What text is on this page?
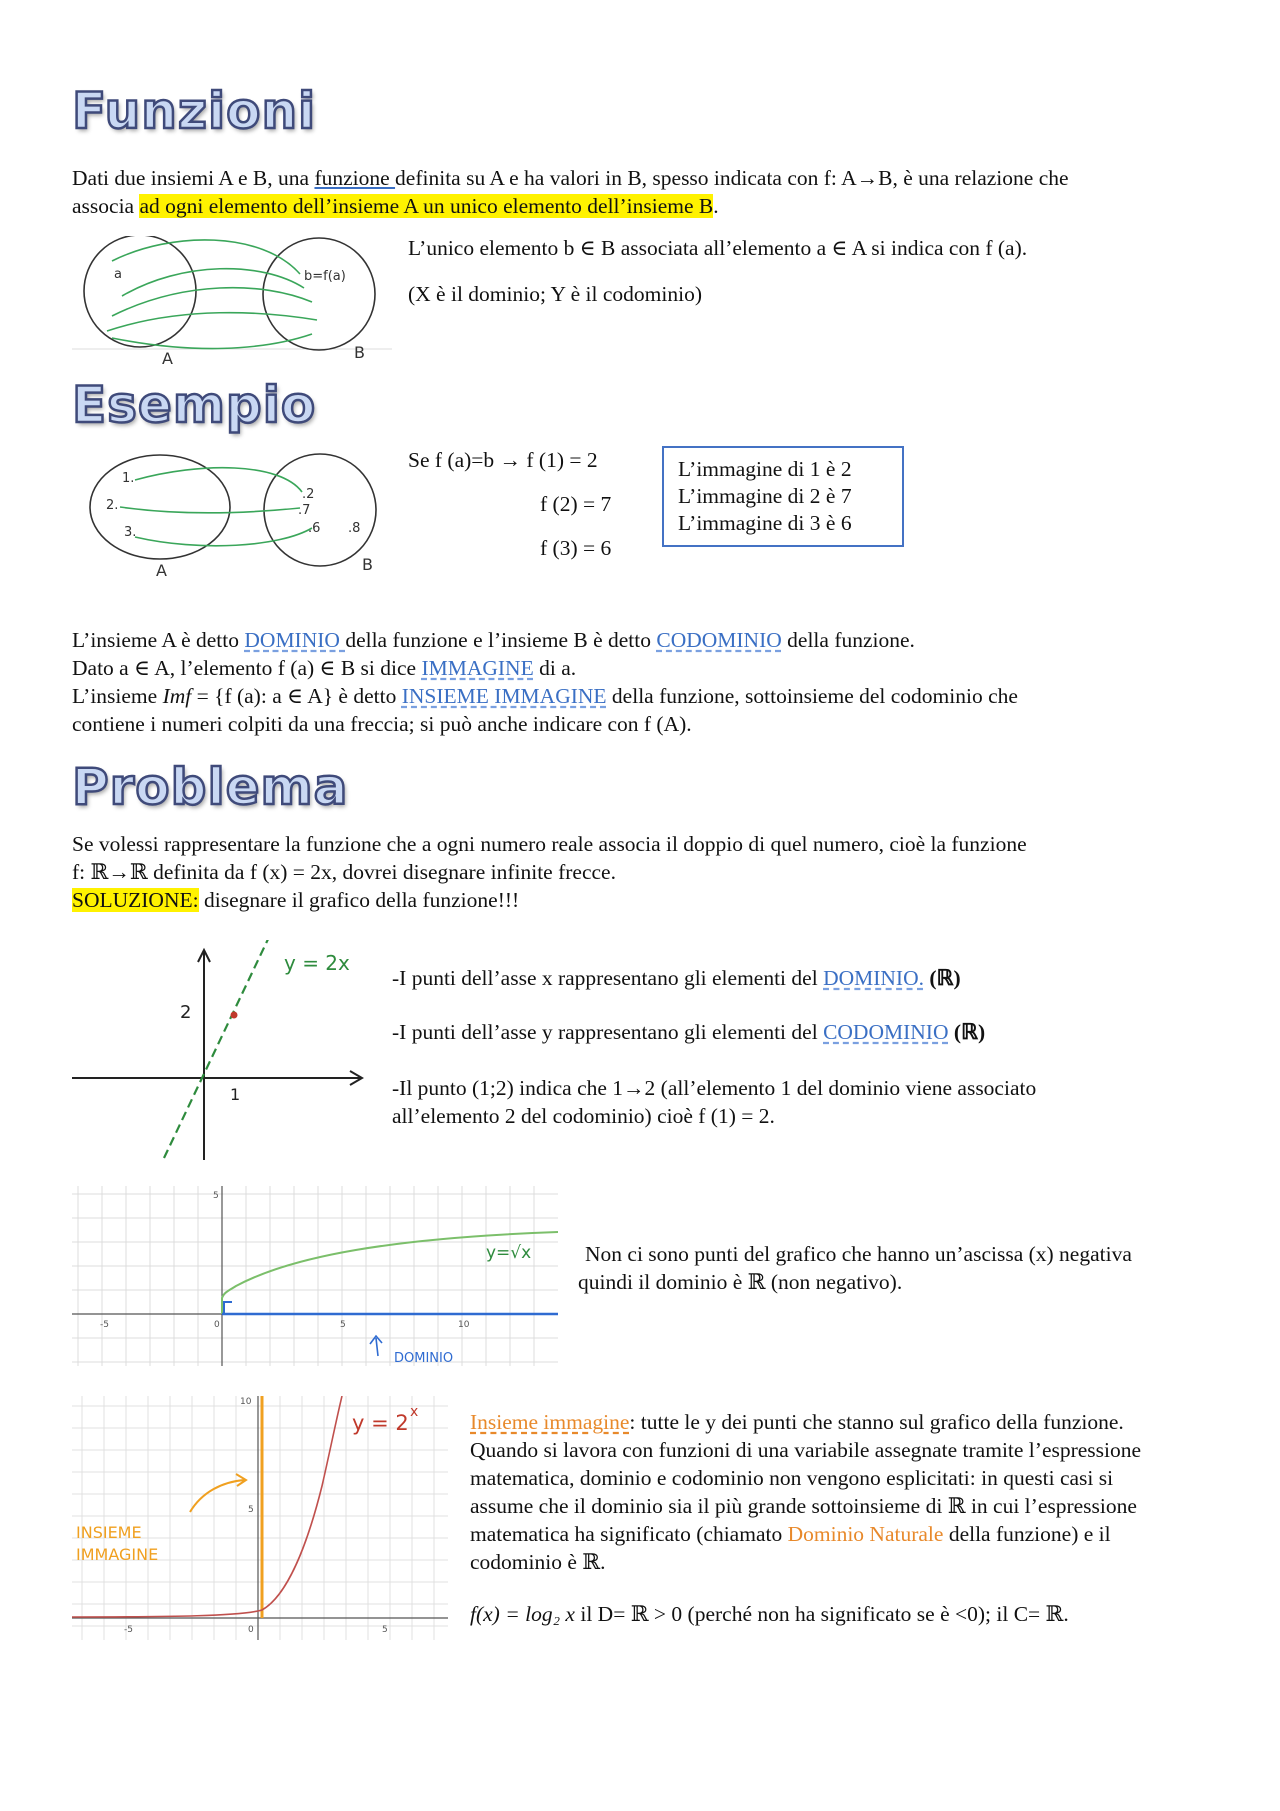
Funzioni
Dati due insiemi A e B, una funzione definita su A e ha valori in B, spesso indicata con f: A→B, è una relazione che
associa ad ogni elemento dell’insieme A un unico elemento dell’insieme B.
a	b=f(a)
A	B
L’unico elemento b ∈ B associata all’elemento a ∈ A si indica con f (a).
(X è il dominio; Y è il codominio)
Esempio
1.
2.
3.
.2
.7
.6 .8
A	B
Se f (a)=b → f (1) = 2
f (2) = 7
f (3) = 6
L’immagine di 1 è 2
L’immagine di 2 è 7
L’immagine di 3 è 6
L’insieme A è detto DOMINIO della funzione e l’insieme B è detto CODOMINIO della funzione.
Dato a ∈ A, l’elemento f (a) ∈ B si dice IMMAGINE di a.
L’insieme Imf = {f (a): a ∈ A} è detto INSIEME IMMAGINE della funzione, sottoinsieme del codominio che
contiene i numeri colpiti da una freccia; si può anche indicare con f (A).
Problema
Se volessi rappresentare la funzione che a ogni numero reale associa il doppio di quel numero, cioè la funzione
f: ℝ→ℝ definita da f (x) = 2x, dovrei disegnare infinite frecce.
SOLUZIONE: disegnare il grafico della funzione!!!
2
1
y = 2x
-I punti dell’asse x rappresentano gli elementi del DOMINIO. (ℝ)
-I punti dell’asse y rappresentano gli elementi del CODOMINIO (ℝ)
-Il punto (1;2) indica che 1→2 (all’elemento 1 del dominio viene associato
all’elemento 2 del codominio) cioè f (1) = 2.
-5	0	5	10
5
y=√x
DOMINIO
Non ci sono punti del grafico che hanno un’ascissa (x) negativa
quindi il dominio è ℝ (non negativo).
10
5
-5	0	5
y = 2 x
INSIEME
IMMAGINE
Insieme immagine: tutte le y dei punti che stanno sul grafico della funzione.
Quando si lavora con funzioni di una variabile assegnate tramite l’espressione
matematica, dominio e codominio non vengono esplicitati: in questi casi si
assume che il dominio sia il più grande sottoinsieme di ℝ in cui l’espressione
matematica ha significato (chiamato Dominio Naturale della funzione) e il
codominio è ℝ.
f(x) = log₂ x il D= ℝ > 0 (perché non ha significato se è <0); il C= ℝ.
